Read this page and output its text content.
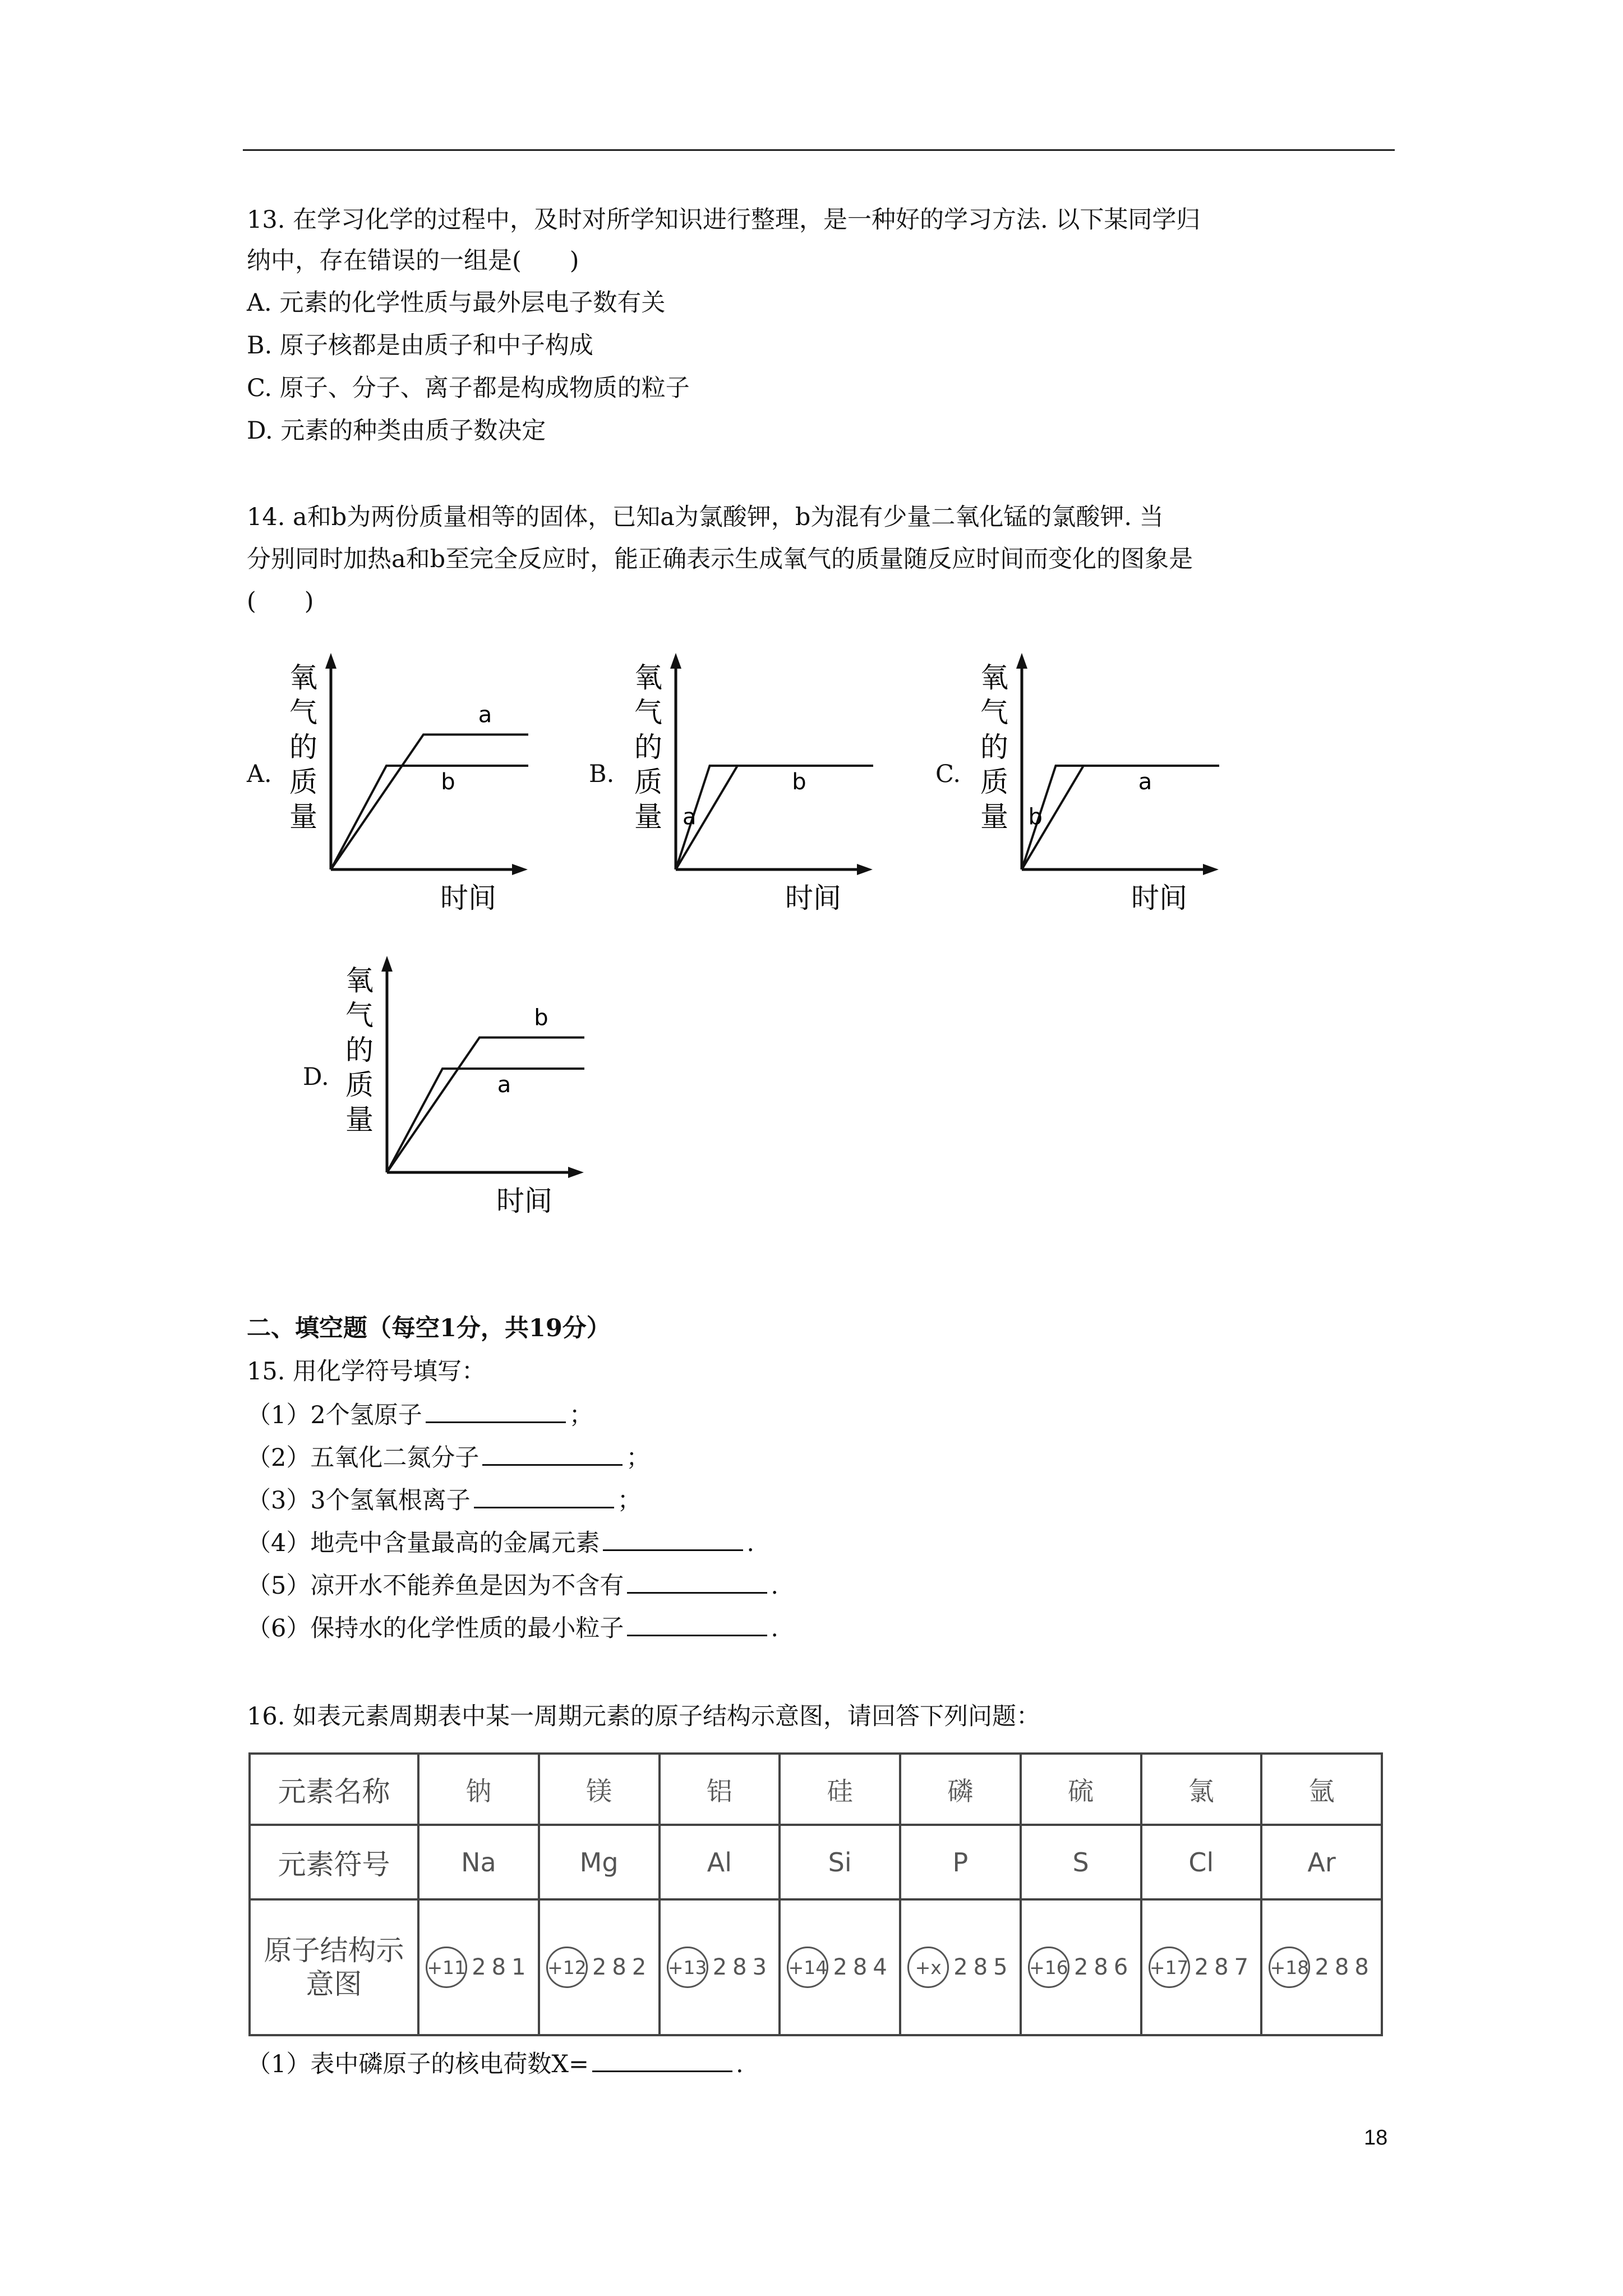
13. 在学习化学的过程中，及时对所学知识进行整理，是一种好的学习方法. 以下某同学归
纳中，存在错误的一组是(　　)
A. 元素的化学性质与最外层电子数有关
B. 原子核都是由质子和中子构成
C. 原子、分子、离子都是构成物质的粒子
D. 元素的种类由质子数决定
14. a和b为两份质量相等的固体，已知a为氯酸钾，b为混有少量二氧化锰的氯酸钾. 当
分别同时加热a和b至完全反应时，能正确表示生成氧气的质量随反应时间而变化的图象是
(　　)
A.
氧气的质量
时间
a
b	B.
氧气的质量
时间
a
b	C.
氧气的质量
时间
b
a
D.
氧气的质量
时间
b
a
二、填空题（每空1分，共19分）
15. 用化学符号填写：
（1）2个氢原子	；
（2）五氧化二氮分子	；
（3）3个氢氧根离子	；
（4）地壳中含量最高的金属元素	.
（5）凉开水不能养鱼是因为不含有	.
（6）保持水的化学性质的最小粒子	.
16. 如表元素周期表中某一周期元素的原子结构示意图，请回答下列问题：
元素名称	钠	镁	铝	硅	磷	硫	氯	氩
元素符号	Na	Mg	Al	Si	P	S	Cl	Ar
原子结构示意图	+11 281	+12 282	+13 283	+14 284	+x 285	+16 286	+17 287	+18 288
（1）表中磷原子的核电荷数X=	.
18
